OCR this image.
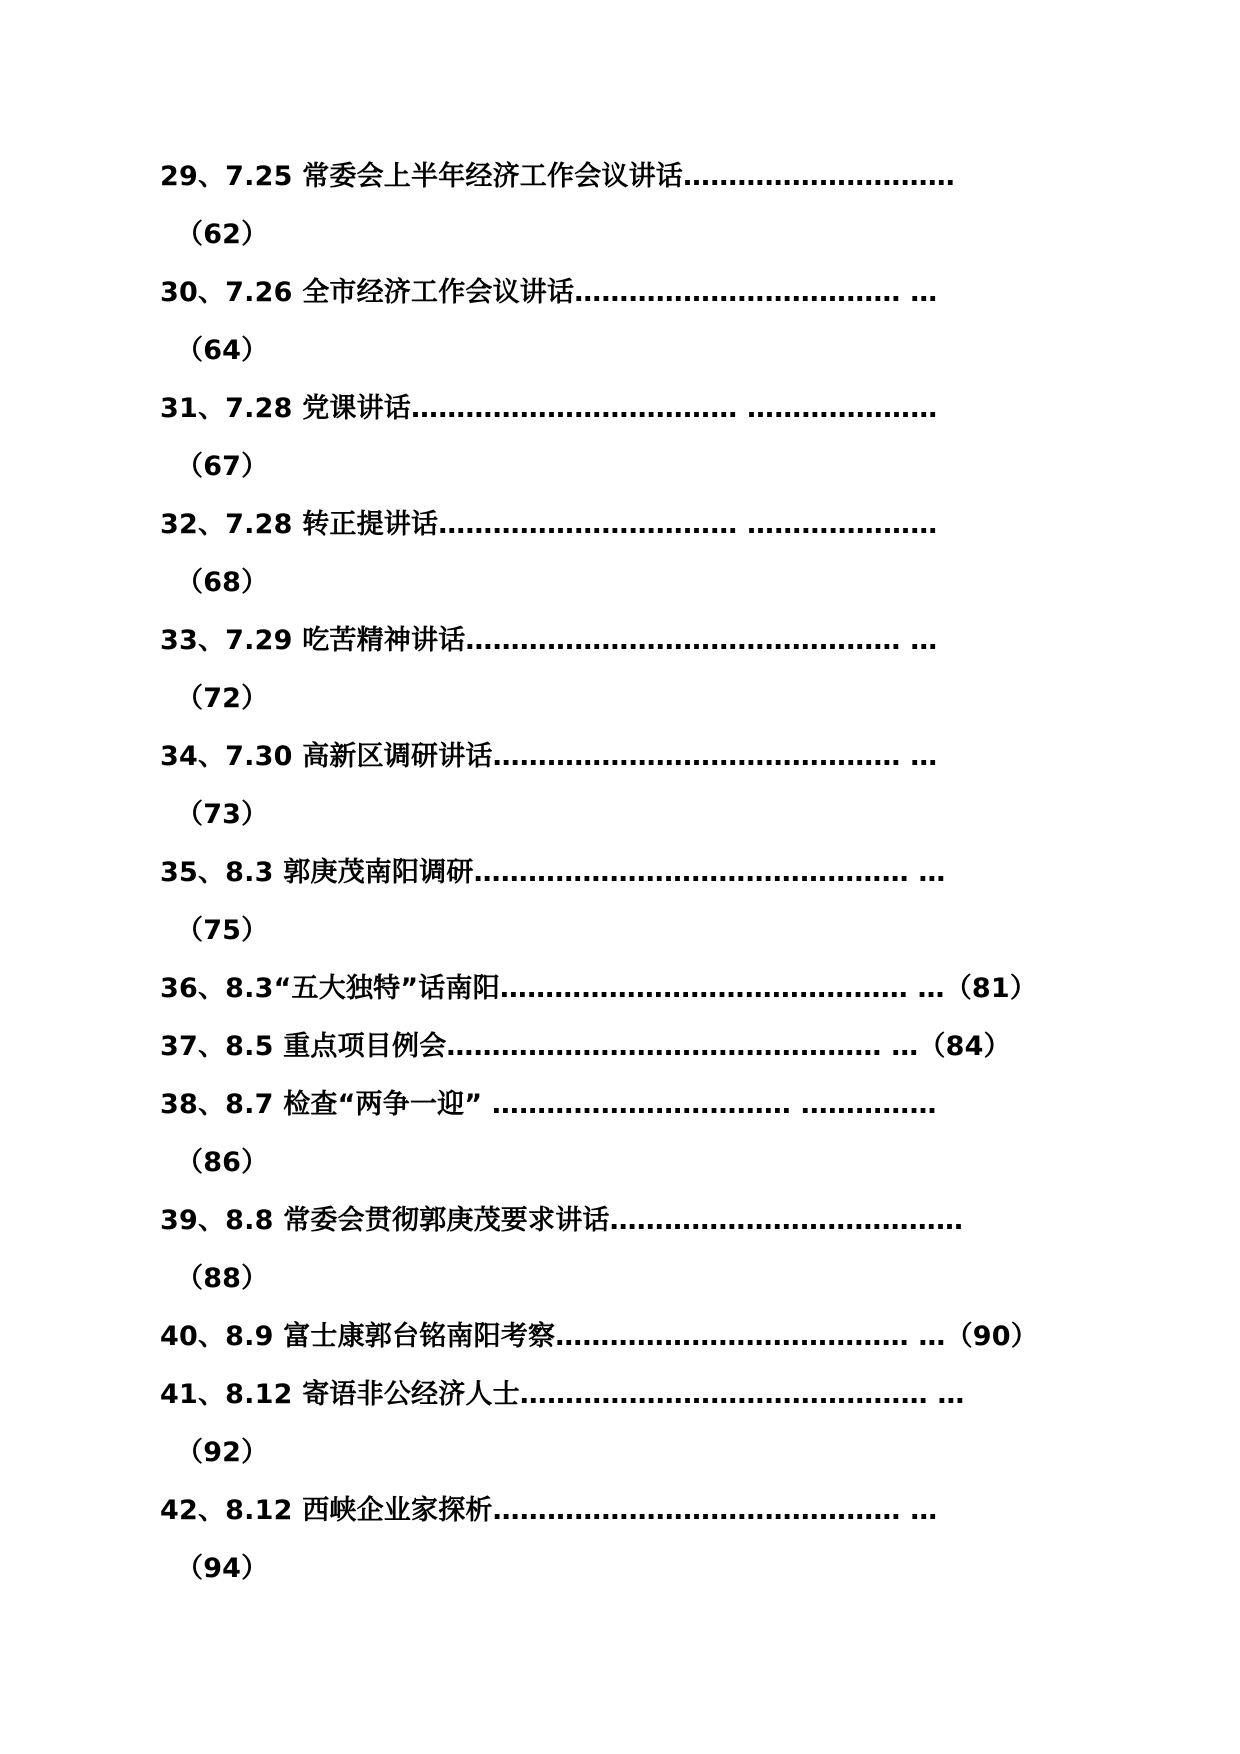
29、7.25 常委会上半年经济工作会议讲话…………………………
（62）
30、7.26 全市经济工作会议讲话……………………………… …
（64）
31、7.28 党课讲话……………………………… …………………
（67）
32、7.28 转正提讲话…………………………… …………………
（68）
33、7.29 吃苦精神讲话………………………………………… …
（72）
34、7.30 高新区调研讲话……………………………………… …
（73）
35、8.3 郭庚茂南阳调研………………………………………… …
（75）
36、8.3“五大独特”话南阳……………………………………… …（81）
37、8.5 重点项目例会………………………………………… …（84）
38、8.7 检查“两争一迎” …………………………… ……………
（86）
39、8.8 常委会贯彻郭庚茂要求讲话…………………………………
（88）
40、8.9 富士康郭台铭南阳考察………………………………… …（90）
41、8.12 寄语非公经济人士……………………………………… …
（92）
42、8.12 西峡企业家探析……………………………………… …
（94）
